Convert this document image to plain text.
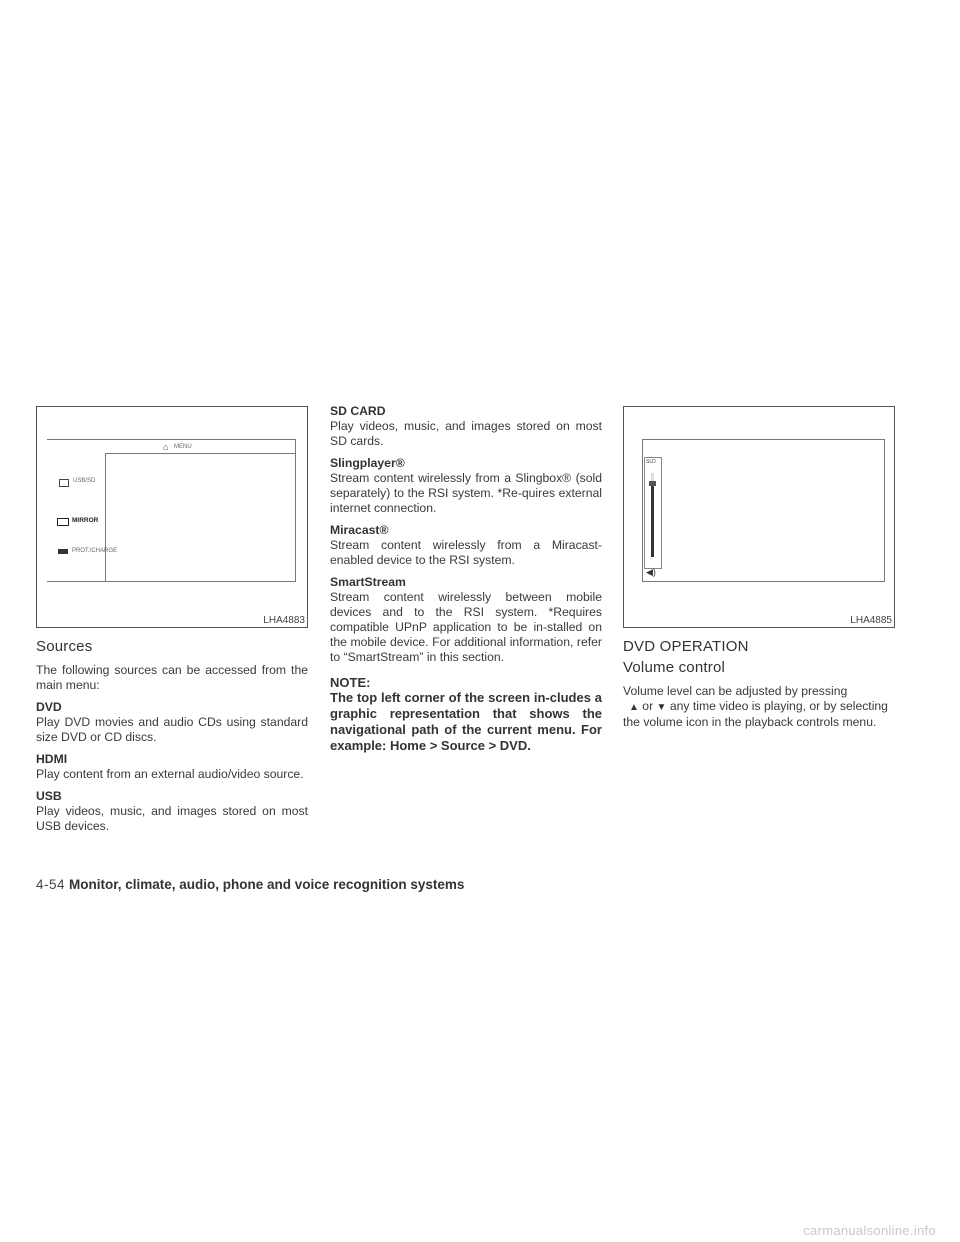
⌂ MENU
USB/SD
MIRROR
PROT./CHARGE
LHA4883
Sources

The following sources can be accessed from the main menu:

DVD
Play DVD movies and audio CDs using standard size DVD or CD discs.

HDMI
Play content from an external audio/video source.

USB
Play videos, music, and images stored on most USB devices.

SD CARD
Play videos, music, and images stored on most SD cards.

Slingplayer®
Stream content wirelessly from a Slingbox® (sold separately) to the RSI system. *Re-quires external internet connection.

Miracast®
Stream content wirelessly from a Miracast-enabled device to the RSI system.

SmartStream
Stream content wirelessly between mobile devices and to the RSI system. *Requires compatible UPnP application to be in-stalled on the mobile device. For additional information, refer to “SmartStream” in this section.

NOTE:

The top left corner of the screen in-cludes a graphic representation that shows the navigational path of the current menu. For example: Home > Source > DVD.

SLD
◀)
LHA4885
DVD OPERATION
Volume control

Volume level can be adjusted by pressing
▲ or ▼ any time video is playing, or by selecting the volume icon in the playback controls menu.

4-54 Monitor, climate, audio, phone and voice recognition systems
carmanualsonline.info
